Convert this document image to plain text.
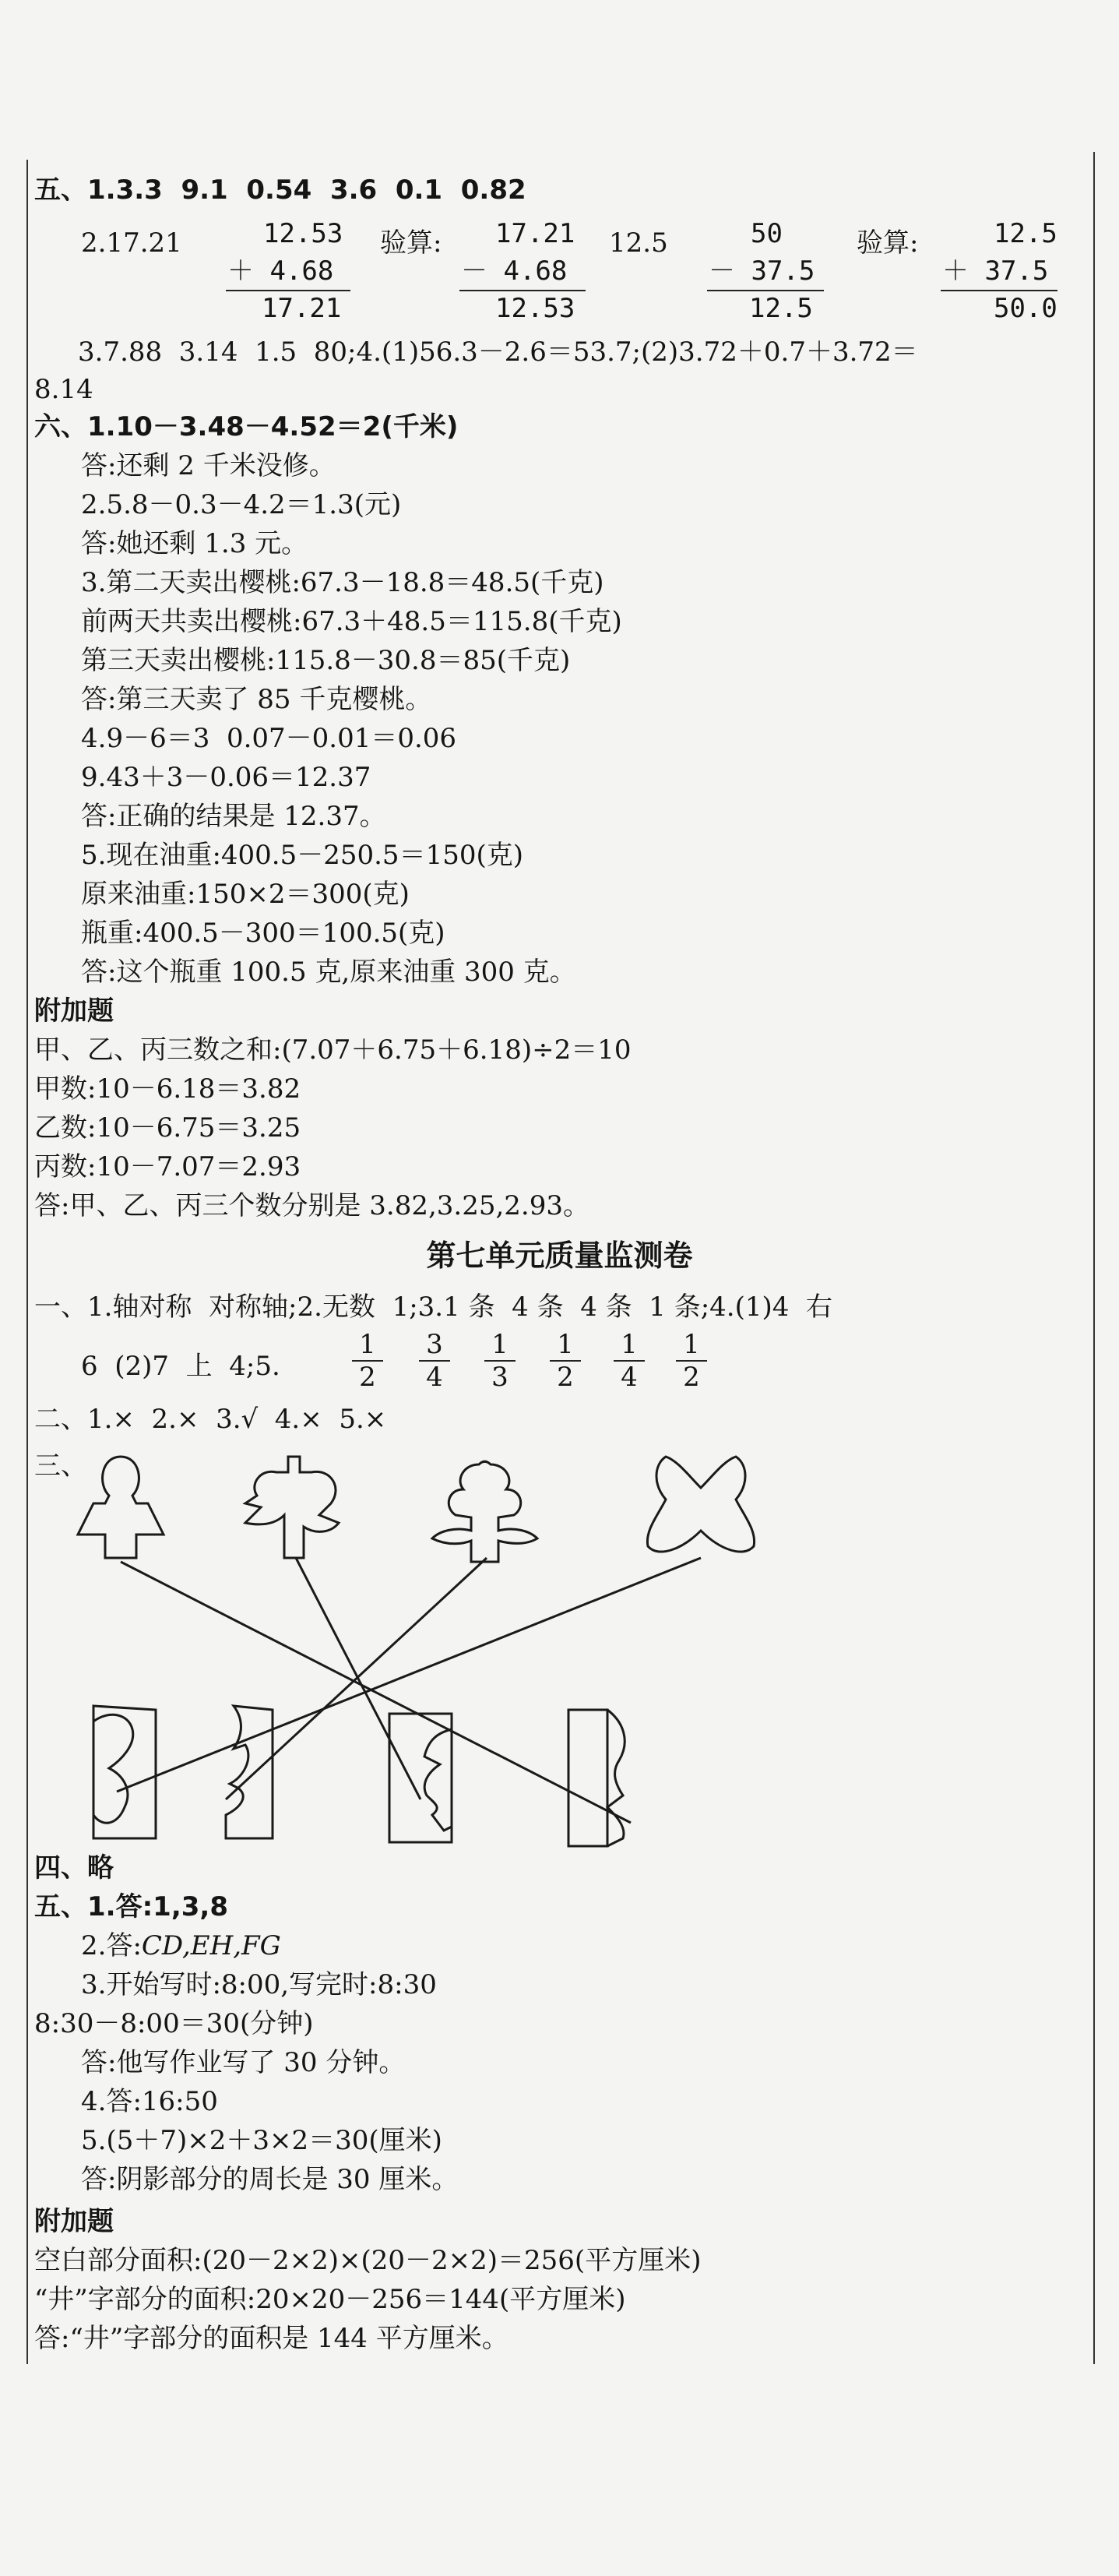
五、1.3.3  9.1  0.54  3.6  0.1  0.82
2.17.21	12.53
＋ 4.68
17.21
验算: 17.21
－ 4.68
12.53
12.5	50
－ 37.5
12.5
验算:	12.5
＋ 37.5
50.0
3.7.88  3.14  1.5  80;4.(1)56.3－2.6＝53.7;(2)3.72＋0.7＋3.72＝
8.14
六、1.10－3.48－4.52＝2(千米)
答:还剩 2 千米没修。
2.5.8－0.3－4.2＝1.3(元)
答:她还剩 1.3 元。
3.第二天卖出樱桃:67.3－18.8＝48.5(千克)
前两天共卖出樱桃:67.3＋48.5＝115.8(千克)
第三天卖出樱桃:115.8－30.8＝85(千克)
答:第三天卖了 85 千克樱桃。
4.9－6＝3  0.07－0.01＝0.06
9.43＋3－0.06＝12.37
答:正确的结果是 12.37。
5.现在油重:400.5－250.5＝150(克)
原来油重:150×2＝300(克)
瓶重:400.5－300＝100.5(克)
答:这个瓶重 100.5 克,原来油重 300 克。
附加题
甲、乙、丙三数之和:(7.07＋6.75＋6.18)÷2＝10
甲数:10－6.18＝3.82
乙数:10－6.75＝3.25
丙数:10－7.07＝2.93
答:甲、乙、丙三个数分别是 3.82,3.25,2.93。
第七单元质量监测卷
一、1.轴对称  对称轴;2.无数  1;3.1 条  4 条  4 条  1 条;4.(1)4  右
6  (2)7  上  4;5.	$\frac{1}{2} \frac{3}{4} \frac{1}{3} \frac{1}{2} \frac{1}{4} \frac{1}{2}$
二、1.×  2.×  3.√  4.×  5.×
三、
四、略
五、1.答:1,3,8
2.答:CD,EH,FG
3.开始写时:8:00,写完时:8:30
8:30－8:00＝30(分钟)
答:他写作业写了 30 分钟。
4.答:16:50
5.(5＋7)×2＋3×2＝30(厘米)
答:阴影部分的周长是 30 厘米。
附加题
空白部分面积:(20－2×2)×(20－2×2)＝256(平方厘米)
“井”字部分的面积:20×20－256＝144(平方厘米)
答:“井”字部分的面积是 144 平方厘米。
